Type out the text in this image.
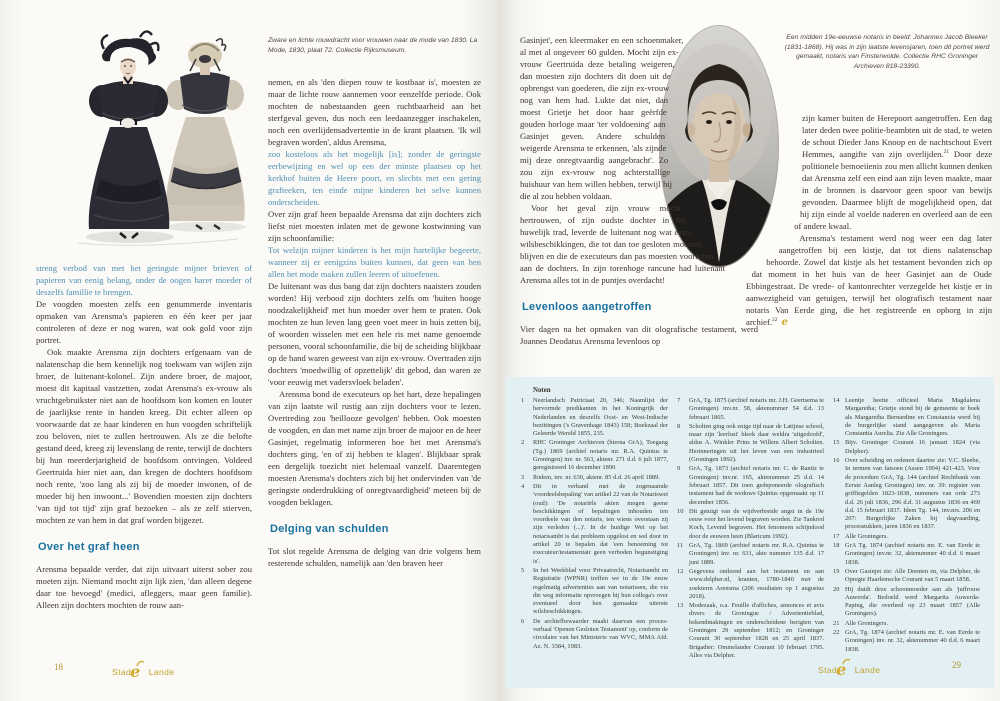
Zware en lichte rouwdracht voor vrouwen naar de mode van 1830. La Mode, 1830, plaat 72. Collectie Rijksmuseum.

nemen, en als 'den diepen rouw te kostbaar is', moesten ze maar de lichte rouw aannemen voor eenzelfde periode. Ook mochten de nabestaanden geen ruchtbaarheid aan het sterfgeval geven, dus noch een leedaanzegger inschakelen, noch een overlijdensadvertentie in de krant plaatsen. 'Ik wil begraven worden', aldus Arensma,

zoo kosteloos als het mogelijk [is]; zonder de geringste eerbewijzing en wel op een der minste plaatsen op het kerkhof buiten de Heere poort, en slechts met een gering grafteeken, ten einde mijne kinderen het selve kunnen onderscheiden.

Over zijn graf heen bepaalde Arensma dat zijn dochters zich liefst niet moesten inlaten met de gewone kostwinning van zijn schoonfamilie:

Tot welzijn mijner kinderen is het mijn hartelijke begeerte, wanneer zij er eenigzins buiten kunnen, dat geen van hen allen het mode maken zullen leeren of uitoefenen.

De luitenant was dus bang dat zijn dochters naaisters zouden worden! Hij verbood zijn dochters zelfs om 'buiten hooge noodzakelijkheid' met hun moeder over hem te praten. Ook mochten ze hun leven lang geen voet meer in huis zetten bij, of woorden wisselen met een hele ris met name genoemde personen, vooral schoonfamilie, die bij de scheiding blijkbaar op de hand waren geweest van zijn ex-vrouw. Overtraden zijn dochters 'moedwillig of opzettelijk' dit gebod, dan waren ze 'voor eeuwig met vadersvloek beladen'.

Arensma bond de executeurs op het hart, deze bepalingen van zijn laatste wil rustig aan zijn dochters voor te lezen. Overtreding zou 'heillooze gevolgen' hebben. Ook moesten de voogden, en dan met name zijn broer de majoor en de heer Gasinjet, regelmatig informeren hoe het met Arensma's dochters ging, 'en of zij hebben te klagen'. Blijkbaar sprak een dergelijk toezicht niet helemaal vanzelf. Daarentegen moesten Arensma's dochters zich bij het ondervinden van 'de geringste onderdrukking of onregtvaardigheid' meteen bij de voogden beklagen.

Delging van schulden

Tot slot regelde Arensma de delging van drie volgens hem resterende schulden, namelijk aan 'den braven heer

streng verbod van met het geringste mijner brieven of papieren van eenig belang, onder de oogen harer moeder of deszelfs famillie te brengen.

De voogden moesten zelfs een genummerde inventaris opmaken van Arensma's papieren en één keer per jaar controleren of deze er nog waren, wat ook gold voor zijn portret.

Ook maakte Arensma zijn dochters erfgenaam van de nalatenschap die hem kennelijk nog toekwam van wijlen zijn broer, de luitenant-kolonel. Zijn andere broer, de majoor, moest dit kapitaal vastzetten, zodat Arensma's ex-vrouw als vruchtgebruikster niet aan de hoofdsom kon komen en louter de jaarlijkse rente in handen kreeg. Dit echter alleen op voorwaarde dat ze haar kinderen en hun voogden schriftelijk zou beloven, niet te zullen hertrouwen. Als ze die belofte gestand deed, kreeg zij levenslang de rente, terwijl de dochters bij hun meerderjarigheid de hoofdsom ontvingen. Voldeed Geertruida hier niet aan, dan kregen de dochters hoofdsom noch rente, 'zoo lang als zij bij de moeder inwonen, of de moeder bij hen inwoont...' Bovendien moesten zijn dochters 'van tijd tot tijd' zijn graf bezoeken – als ze zelf stierven, mochten ze van hem in dat graf worden bijgezet.

Over het graf heen

Arensma bepaalde verder, dat zijn uitvaart uiterst sober zou moeten zijn. Niemand mocht zijn lijk zien, 'dan alleen degene daar toe bevoegd' (medici, afleggers, maar geen familie). Alleen zijn dochters mochten de rouw aan-

18	Stade Lande
Een midden 19e-eeuwse notaris in beeld: Johannes Jacob Bleeker (1831-1868). Hij was in zijn laatste levensjaren, toen dit portret werd gemaakt, notaris van Finsterwolde. Collectie RHC Groninger Archieven 818-23390.

Gasinjet', een kleermaker en een schoenmaker, al met al ongeveer 60 gulden. Mocht zijn ex-vrouw Geertruida deze betaling weigeren, dan moesten zijn dochters dit doen uit de opbrengst van goederen, die zijn ex-vrouw nog van hem had. Lukte dat niet, dan moest Grietje het door haar geërfde gouden horloge maar 'ter voldoening' aan Gasinjet geven. Andere schulden weigerde Arensma te erkennen, 'als zijnde mij deze onregtvaardig aangebracht'. Zo zou zijn ex-vrouw nog achterstallige huishuur van hem willen hebben, terwijl hij die al zou hebben voldaan.

Voor het geval zijn vrouw mocht hertrouwen, of zijn oudste dochter in het huwelijk trad, leverde de luitenant nog wat extra wilsbeschikkingen, die tot dan toe gesloten moesten blijven en die de executeurs dan pas moesten voorlezen aan de dochters. In zijn torenhoge rancune had luitenant Arensma alles tot in de puntjes overdacht!

Levenloos aangetroffen

Vier dagen na het opmaken van dit olografische testament, werd Joannes Deodatus Arensma levenloos op

zijn kamer buiten de Herepoort aangetroffen. Een dag later deden twee politie-beambten uit de stad, te weten de schout Dieder Jans Knoop en de nachtschout Evert Hemmes, aangifte van zijn overlijden.$^{21}$ Door deze politionele bemoeiienis zou men allicht kunnen denken dat Arensma zelf een eind aan zijn leven maakte, maar in de bronnen is daarvoor geen spoor van bewijs gevonden. Daarmee blijft de mogelijkheid open, dat hij zijn einde al voelde naderen en overleed aan de een of andere kwaal.

Arensma's testament werd nog weer een dag later aangetroffen bij een kistje, dat tot diens nalatenschap behoorde. Zowel dat kistje als het testament bevonden zich op dat moment in het huis van de heer Gasinjet aan de Oude Ebbingestraat. De vrede- of kantonrechter verzegelde het kistje er in aanwezigheid van getuigen, terwijl het olografisch testament naar notaris Van Eerde ging, die het registreerde en opborg in zijn archief.$^{22}$ e

Noten
1 Neerlandsch Patriciaat 20, 346; Naamlijst der hervormde predikanten in het Koningrijk der Nederlanden en deszelfs Oost- en West-Indische bezittingen ('s Gravenhage 1843) 158; Boekzaal der Geleerde Wereld 1855, 235.
2 RHC Groninger Archieven (hierna GrA), Toegang (Tg.) 1869 (archief notaris mr. R.A. Quintus te Groningen) inv. nr. 563, aktenr. 271 d.d. 6 juli 1877, geregistreerd 16 december 1890.
3 Ibidem, inv. nr. 630, aktenr. 85 d.d. 26 april 1889.
4 Dit in verband met de zogenaamde 'voordeelsbepaling' van artikel 22 van de Notariswet (oud): 'De notariële akten mogen geene beschikkingen of bepalingen inhouden ten voordeele van den notaris, ten wiens overstaan zij zijn verleden (...)'. In de huidige Wet op het notarisambt is dat probleem opgelost en wel door in artikel 20 te bepalen dat 'een benoeming tot executeur/testamentair geen verboden begunstiging is'.
5 In het Weekblad voor Privaatrecht, Notarisambt en Registratie (WPNR) treffen we in de 19e eeuw regelmatig advertenties aan van notarissen, die via die weg informatie opvroegen bij hun collega's over eventueel door hen gemaakte uiterste wilsbeschikkingen.
6 De archiefbewaarder maakt daarvan een proces-verbaal 'Openen Gesloten Testament' op, conform de circulaire van het Ministerie van WVC, MMA Afd. Az. N. 3384, 1983.
7 GrA, Tg. 1875 (archief notaris mr. J.H. Geertsema te Groningen) inv.nr. 58, aktenummer 54 d.d. 13 februari 1865.
8 Scholten ging ook enige tijd naar de Latijnse school, maar zijn 'leerlust' bleek daar weldra 'uitgedoofd', aldus A. Winkler Prins in Willem Albert Scholten. Herinneringen uit het leven van een industrieel (Groningen 1892).
9 GrA, Tg. 1873 (archief notaris mr. C. de Ranitz te Groningen) inv.nr. 165, aktenummer 25 d.d. 14 februari 1857. Dit toen gedeponeerde olografisch testament had de weduwe Quintus opgemaakt op 11 december 1856.
10 Dit getuigt van de wijdverbreide angst in de 19e eeuw voor het levend begraven worden. Zie Tankred Koch, Levend begraven. Het fenomeen schijndood door de eeuwen heen (Blaricum 1992).
11 GrA, Tg. 1869 (archief notaris mr. R.A. Quintus te Groningen) inv. nr. 631, akte nummer 135 d.d. 17 juni 1889.
12 Gegevens ontleend aan het testament en aan www.delpher.nl, kranten, 1780-1840 met de zoekterm Arensma (206 resultaten op 1 augustus 2018).
13 Modezaak, o.a. Feuille d'affiches, annonces et avis divers de Groningue / Advertentieblad, bekendmakingen en onderscheidene berigten van Groningen 29 september 1812; en Groninger Courant 30 september 1828 en 25 april 1837. Brigadier: Ommelander Courant 10 februari 1795. Alles via Delpher.
14 Leentje heette officieel Maria Magdalena Margaretha; Grietje stond bij de gemeente te boek als Margaretha Bernardine en Constancia werd bij de burgerlijke stand aangegeven als Maria Constantia Aurelia. Zie Alle Groningers.
15 Bijv. Groninger Courant 16 januari 1824 (via Delpher).
16 Over scheiding en redenen daartoe zie: V.C. Sleebe, In termen van fatsoen (Assen 1994) 421-423. Voor de procedure GrA, Tg. 144 (archief Rechtbank van Eerste Aanleg Groningen) inv. nr. 39: register van griffiegelden 1823-1838, nummers van orde 273 d.d. 26 juli 1836, 296 d.d. 31 augustus 1836 en 469 d.d. 15 februari 1837. Idem Tg. 144, inv.nrs. 206 en 207: Burgerlijke Zaken bij dagvaarding, processtukken, jaren 1836 en 1837.
17 Alle Groningers.
18 GrA Tg. 1874 (archief notaris mr. E. van Eerde te Groningen) inv.nr. 32, aktenummer 40 d.d. 6 maart 1838.
19 Over Gasinjet zie: Alle Drenten en, via Delpher, de Opregte Haarlemsche Courant van 5 maart 1858.
20 Hij duidt deze schoonmoeder aan als 'juffrouw Auwerda'. Bedoeld werd Margarita Auwerda-Paping, die overleed op 23 maart 1857 (Alle Groningers).
21 Alle Groningers.
22 GrA, Tg. 1874 (archief notaris mr. E. van Eerde te Groningen) inv. nr. 32, aktenummer 40 d.d. 6 maart 1838.
Stade Lande	29
